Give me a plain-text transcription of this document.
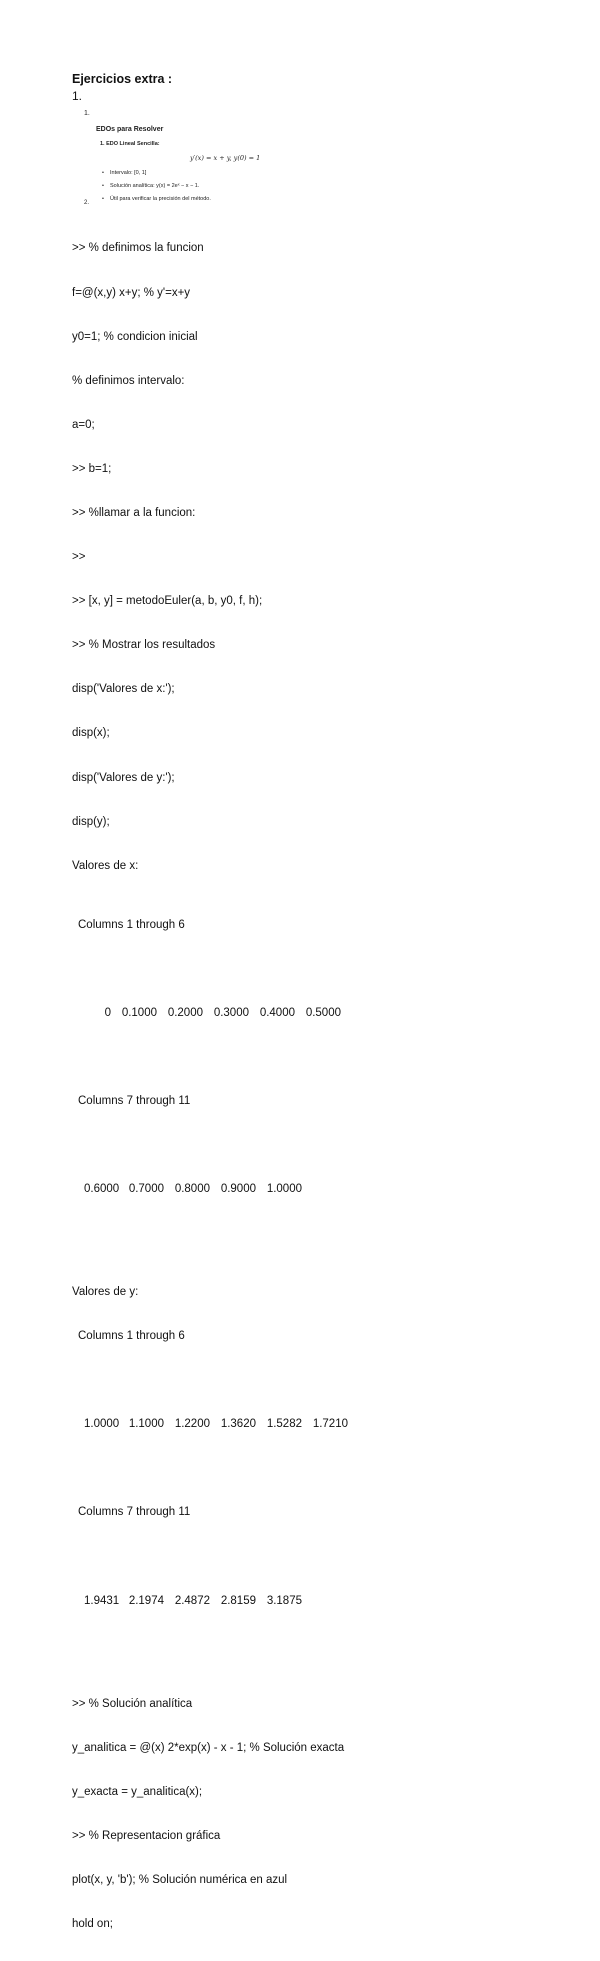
Ejercicios extra :
1.
1.
EDOs para Resolver
1. EDO Lineal Sencilla:
y′(x) = x + y, y(0) = 1
• Intervalo: [0, 1]
• Solución analítica: y(x) = 2eˣ − x − 1.
• Útil para verificar la precisión del método.
2.

>> % definimos la funcion

f=@(x,y) x+y; % y'=x+y

y0=1; % condicion inicial

% definimos intervalo:

a=0;

>> b=1;

>> %llamar a la funcion:

>>

>> [x, y] = metodoEuler(a, b, y0, f, h);

>> % Mostrar los resultados

disp('Valores de x:');

disp(x);

disp('Valores de y:');

disp(y);

Valores de x:

Columns 1 through 6

0 0.1000 0.2000 0.3000 0.4000 0.5000

Columns 7 through 11

0.6000 0.7000 0.8000 0.9000 1.0000

Valores de y:

Columns 1 through 6

1.0000 1.1000 1.2200 1.3620 1.5282 1.7210

Columns 7 through 11

1.9431 2.1974 2.4872 2.8159 3.1875

>> % Solución analítica

y_analitica = @(x) 2*exp(x) - x - 1; % Solución exacta

y_exacta = y_analitica(x);

>> % Representacion gráfica

plot(x, y, 'b'); % Solución numérica en azul

hold on;
